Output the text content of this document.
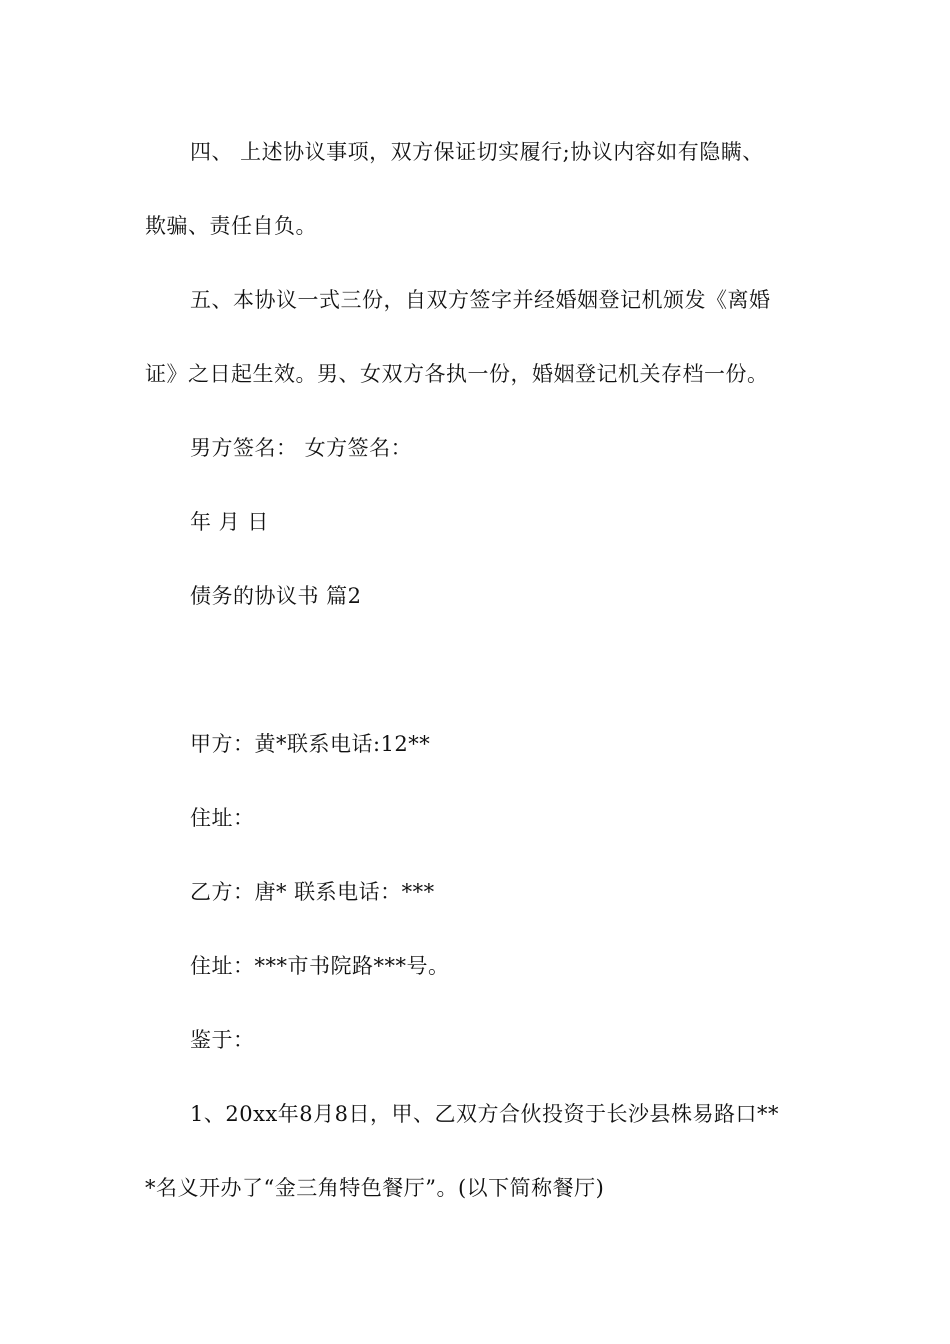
四、 上述协议事项，双方保证切实履行;协议内容如有隐瞒、
欺骗、责任自负。
五、本协议一式三份，自双方签字并经婚姻登记机颁发《离婚
证》之日起生效。男、女双方各执一份，婚姻登记机关存档一份。
男方签名： 女方签名：
年 月 日
债务的协议书 篇2
甲方：黄*联系电话:12**
住址：
乙方：唐* 联系电话：***
住址：***市书院路***号。
鉴于：
1、20xx年8月8日，甲、乙双方合伙投资于长沙县株易路口**
*名义开办了“金三角特色餐厅”。(以下简称餐厅)
